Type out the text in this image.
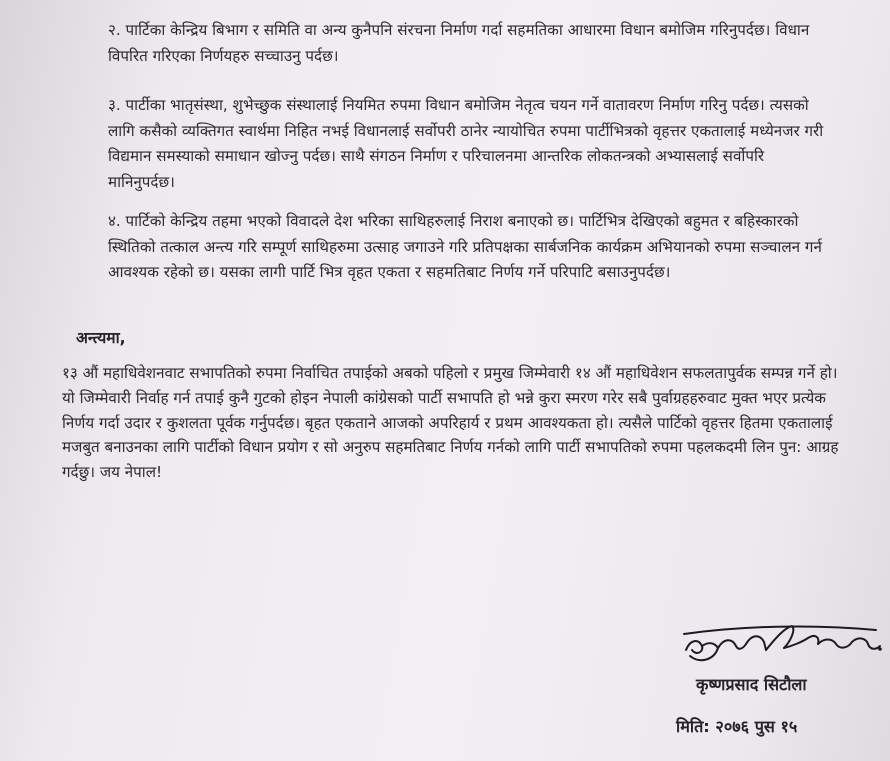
२. पार्टिका केन्द्रिय बिभाग र समिति वा अन्य कुनैपनि संरचना निर्माण गर्दा सहमतिका आधारमा विधान बमोजिम गरिनुपर्दछ। विधान विपरित गरिएका निर्णयहरु सच्चाउनु पर्दछ।

३. पार्टीका भातृसंस्था, शुभेच्छुक संस्थालाई नियमित रुपमा विधान बमोजिम नेतृत्व चयन गर्ने वातावरण निर्माण गरिनु पर्दछ। त्यसको लागि कसैको व्यक्तिगत स्वार्थमा निहित नभई विधानलाई सर्वोपरी ठानेर न्यायोचित रुपमा पार्टीभित्रको वृहत्तर एकतालाई मध्येनजर गरी विद्यमान समस्याको समाधान खोज्नु पर्दछ। साथै संगठन निर्माण र परिचालनमा आन्तरिक लोकतन्त्रको अभ्यासलाई सर्वोपरि मानिनुपर्दछ।

४. पार्टिको केन्द्रिय तहमा भएको विवादले देश भरिका साथिहरुलाई निराश बनाएको छ। पार्टिभित्र देखिएको बहुमत र बहिस्कारको स्थितिको तत्काल अन्त्य गरि सम्पूर्ण साथिहरुमा उत्साह जगाउने गरि प्रतिपक्षका सार्बजनिक कार्यक्रम अभियानको रुपमा सञ्चालन गर्न आवश्यक रहेको छ। यसका लागी पार्टि भित्र वृहत एकता र सहमतिबाट निर्णय गर्ने परिपाटि बसाउनुपर्दछ।

अन्त्यमा,

१३ औं महाधिवेशनवाट सभापतिको रुपमा निर्वाचित तपाईको अबको पहिलो र प्रमुख जिम्मेवारी १४ औं महाधिवेशन सफलतापुर्वक सम्पन्न गर्ने हो। यो जिम्मेवारी निर्वाह गर्न तपाई कुनै गुटको होइन नेपाली कांग्रेसको पार्टी सभापति हो भन्ने कुरा स्मरण गरेर सबै पुर्वाग्रहहरुवाट मुक्त भएर प्रत्येक निर्णय गर्दा उदार र कुशलता पूर्वक गर्नुपर्दछ। बृहत एकताने आजको अपरिहार्य र प्रथम आवश्यकता हो। त्यसैले पार्टिको वृहत्तर हितमा एकतालाई मजबुत बनाउनका लागि पार्टीको विधान प्रयोग र सो अनुरुप सहमतिबाट निर्णय गर्नको लागि पार्टी सभापतिको रुपमा पहलकदमी लिन पुन: आग्रह गर्दछु। जय नेपाल!

कृष्णप्रसाद सिटौला

मिति: २०७६ पुस १५
